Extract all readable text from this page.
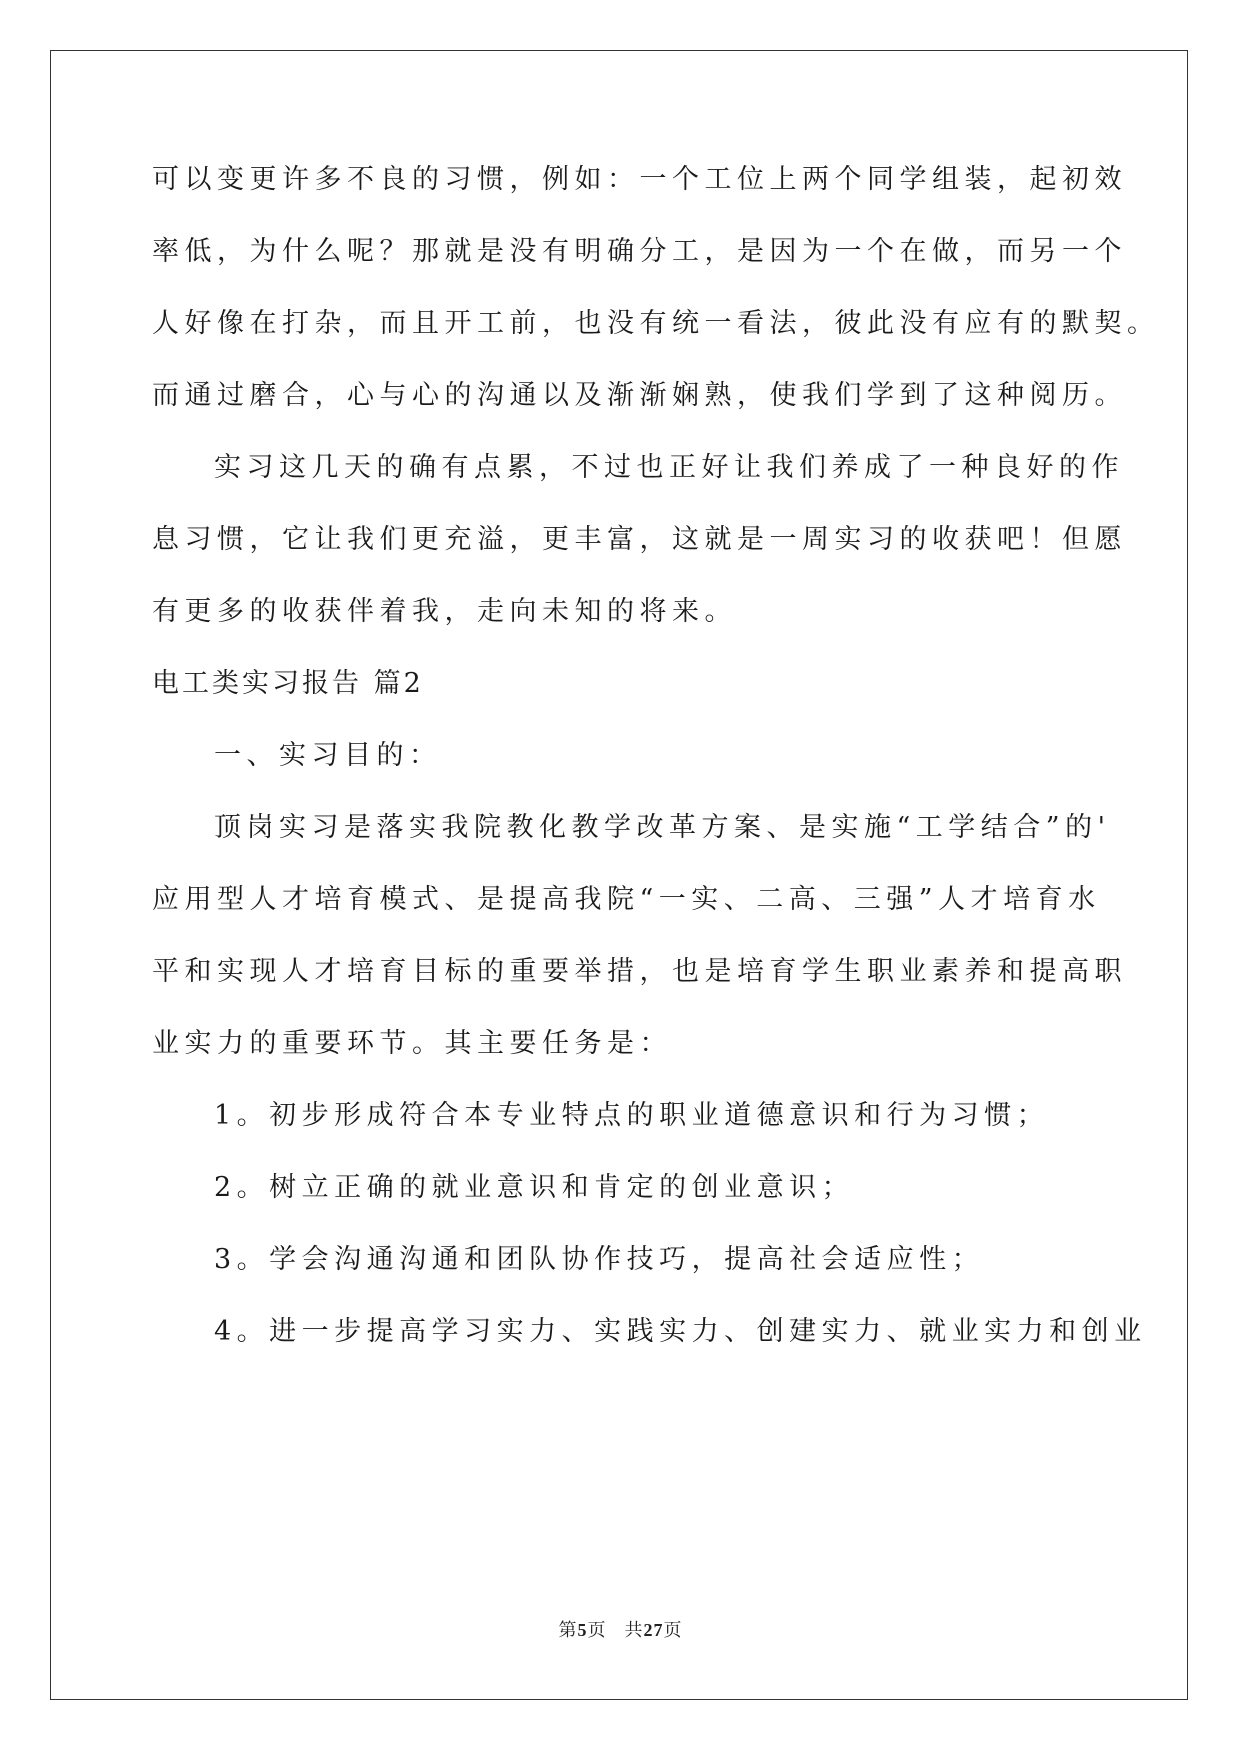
可以变更许多不良的习惯，例如：一个工位上两个同学组装，起初效
率低，为什么呢？那就是没有明确分工，是因为一个在做，而另一个
人好像在打杂，而且开工前，也没有统一看法，彼此没有应有的默契。
而通过磨合，心与心的沟通以及渐渐娴熟，使我们学到了这种阅历。
实习这几天的确有点累，不过也正好让我们养成了一种良好的作
息习惯，它让我们更充溢，更丰富，这就是一周实习的收获吧！但愿
有更多的收获伴着我，走向未知的将来。
电工类实习报告 篇2
一、实习目的：
顶岗实习是落实我院教化教学改革方案、是实施“工学结合”的'
应用型人才培育模式、是提高我院“一实、二高、三强”人才培育水
平和实现人才培育目标的重要举措，也是培育学生职业素养和提高职
业实力的重要环节。其主要任务是：
1。初步形成符合本专业特点的职业道德意识和行为习惯；
2。树立正确的就业意识和肯定的创业意识；
3。学会沟通沟通和团队协作技巧，提高社会适应性；
4。进一步提高学习实力、实践实力、创建实力、就业实力和创业
第5页 共27页
